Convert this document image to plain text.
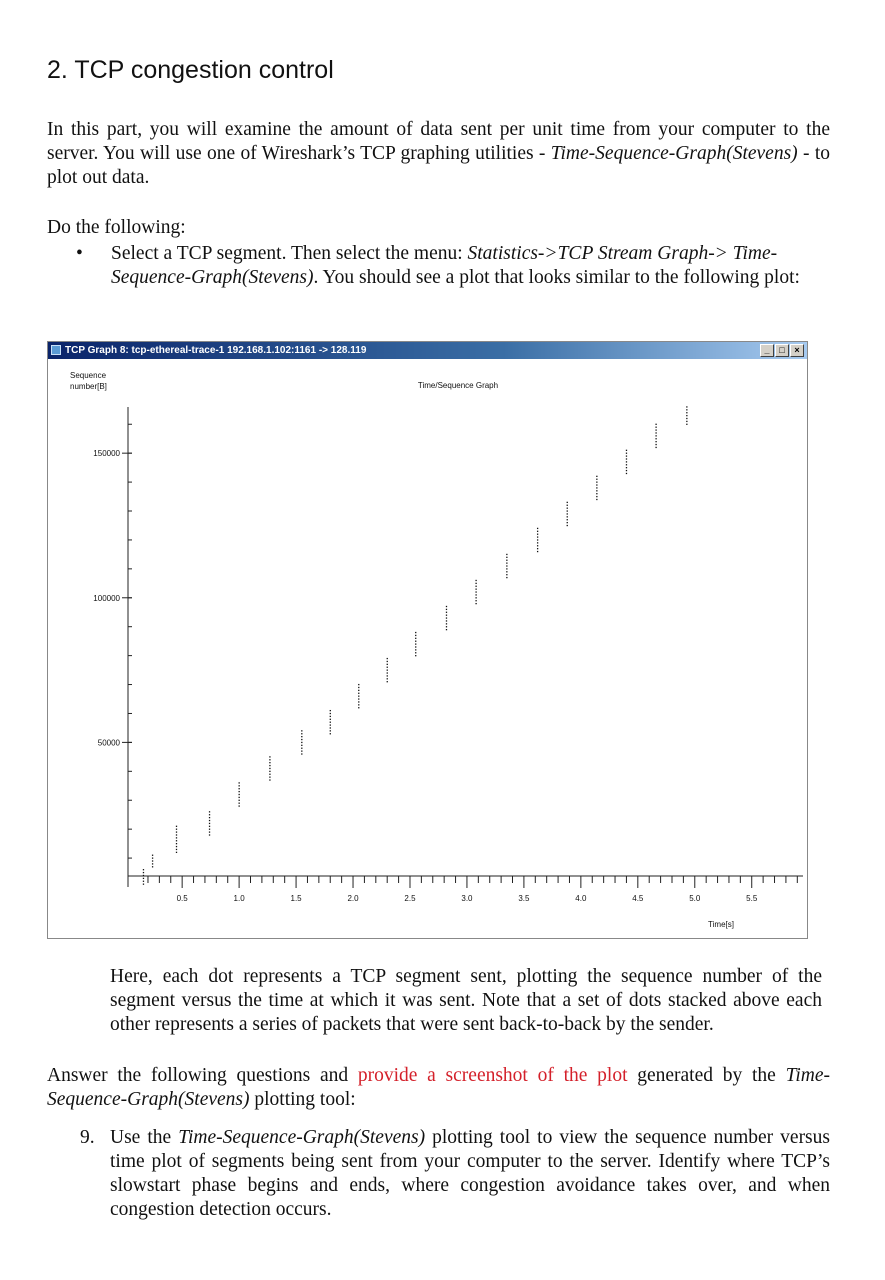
2. TCP congestion control

In this part, you will examine the amount of data sent per unit time from your computer to the server. You will use one of Wireshark’s TCP graphing utilities - Time-Sequence-Graph(Stevens) - to plot out data.

Do the following:

• Select a TCP segment. Then select the menu: Statistics->TCP Stream Graph-> Time-Sequence-Graph(Stevens). You should see a plot that looks similar to the following plot:
TCP Graph 8: tcp-ethereal-trace-1 192.168.1.102:1161 -> 128.119	_	□	×
Sequence
number[B]	Time/Sequence Graph
Time[s]
50000
100000
150000
0.5	1.0	1.5	2.0	2.5	3.0	3.5	4.0	4.5	5.0	5.5

Here, each dot represents a TCP segment sent, plotting the sequence number of the segment versus the time at which it was sent. Note that a set of dots stacked above each other represents a series of packets that were sent back-to-back by the sender.

Answer the following questions and provide a screenshot of the plot generated by the Time-Sequence-Graph(Stevens) plotting tool:

9. Use the Time-Sequence-Graph(Stevens) plotting tool to view the sequence number versus time plot of segments being sent from your computer to the server. Identify where TCP’s slowstart phase begins and ends, where congestion avoidance takes over, and when congestion detection occurs.
